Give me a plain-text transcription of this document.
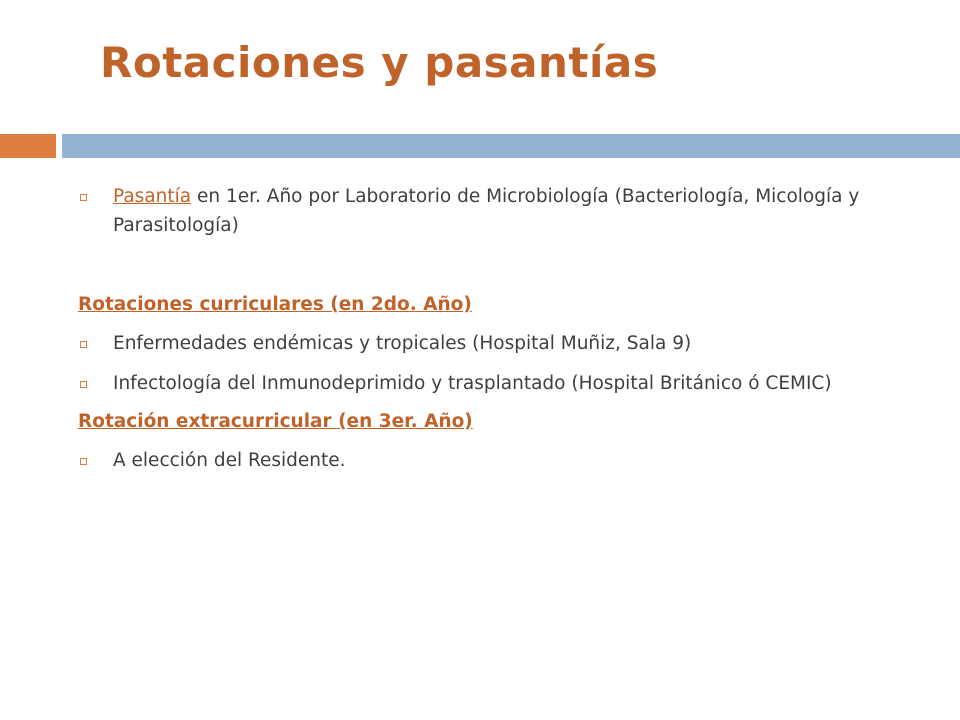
Rotaciones y pasantías
Pasantía en 1er. Año por Laboratorio de Microbiología (Bacteriología, Micología y Parasitología)
Rotaciones curriculares (en 2do. Año)
Enfermedades endémicas y tropicales (Hospital Muñiz, Sala 9)
Infectología del Inmunodeprimido y trasplantado (Hospital Británico ó CEMIC)
Rotación extracurricular (en 3er. Año)
A elección del Residente.
